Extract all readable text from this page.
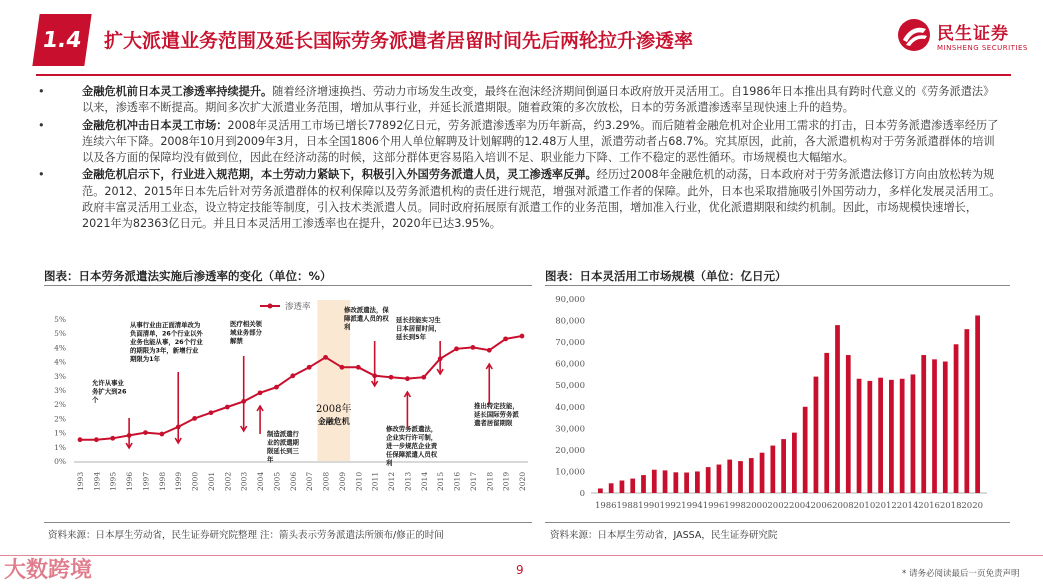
1.4	扩大派遣业务范围及延长国际劳务派遣者居留时间先后两轮拉升渗透率	民生证券
MINSHENG SECURITIES
•	金融危机前日本灵工渗透率持续提升。随着经济增速换挡、劳动力市场发生改变，最终在泡沫经济期间倒逼日本政府放开灵活用工。自1986年日本推出具有跨时代意义的《劳务派遣法》以来，渗透率不断提高。期间多次扩大派遣业务范围，增加从事行业，并延长派遣期限。随着政策的多次放松，日本的劳务派遣渗透率呈现快速上升的趋势。
•	金融危机冲击日本灵工市场：2008年灵活用工市场已增长77892亿日元，劳务派遣渗透率为历年新高，约3.29%。而后随着金融危机对企业用工需求的打击，日本劳务派遣渗透率经历了连续六年下降。2008年10月到2009年3月，日本全国1806个用人单位解聘及计划解聘的12.48万人里，派遣劳动者占68.7%。究其原因，此前，各大派遣机构对于劳务派遣群体的培训以及各方面的保障均没有做到位，因此在经济动荡的时候，这部分群体更容易陷入培训不足、职业能力下降、工作不稳定的恶性循环。市场规模也大幅缩水。
•	金融危机启示下，行业进入规范期，本土劳动力紧缺下，积极引入外国劳务派遣人员，灵工渗透率反弹。经历过2008年金融危机的动荡，日本政府对于劳务派遣法修订方向由放松转为规范。2012、2015年日本先后针对劳务派遣群体的权利保障以及劳务派遣机构的责任进行规范，增强对派遣工作者的保障。此外，日本也采取措施吸引外国劳动力，多样化发展灵活用工。政府丰富灵活用工业态，设立特定技能等制度，引入技术类派遣人员。同时政府拓展原有派遣工作的业务范围，增加准入行业，优化派遣期限和续约机制。因此，市场规模快速增长，2021年为82363亿日元。并且日本灵活用工渗透率也在提升，2020年已达3.95%。
图表：日本劳务派遣法实施后渗透率的变化（单位：%）
2008年
金融危机
0%
1%
1%
2%
2%
3%
3%
4%
4%
5%
5%
1993 1994 1995 1996 1997 1998 1999 2000 2001 2002 2003 2004 2005 2006 2007 2008 2009 2010 2011 2012 2013 2014 2015 2016 2017 2018 2019 2020
渗透率
允许从事业务扩大到26 个
从事行业由正面清单改为负面清单，26个行业以外业务也能从事，26个行业的期限为3年，新增行业期限为1年
医疗相关领域业务部分解禁
制造派遣行业的派遣期限延长到三年
修改派遣法，保障派遣人员的权利
修改劳务派遣法，企业实行许可制，进一步规范企业责任保障派遣人员权利
延长技能实习生日本居留时间，延长到5年
推出特定技能，延长国际劳务派遣者居留期限
资料来源：日本厚生劳动省，民生证券研究院整理 注：箭头表示劳务派遣法所颁布/修正的时间
图表：日本灵活用工市场规模（单位：亿日元）
0
10,000
20,000
30,000
40,000
50,000
60,000
70,000
80,000
90,000
1986 1988 1990 1992 1994 1996 1998 2000 2002 2004 2006 2008 2010 2012 2014 2016 2018 2020
资料来源：日本厚生劳动省，JASSA，民生证券研究院
大数跨境	9	* 请务必阅读最后一页免责声明
